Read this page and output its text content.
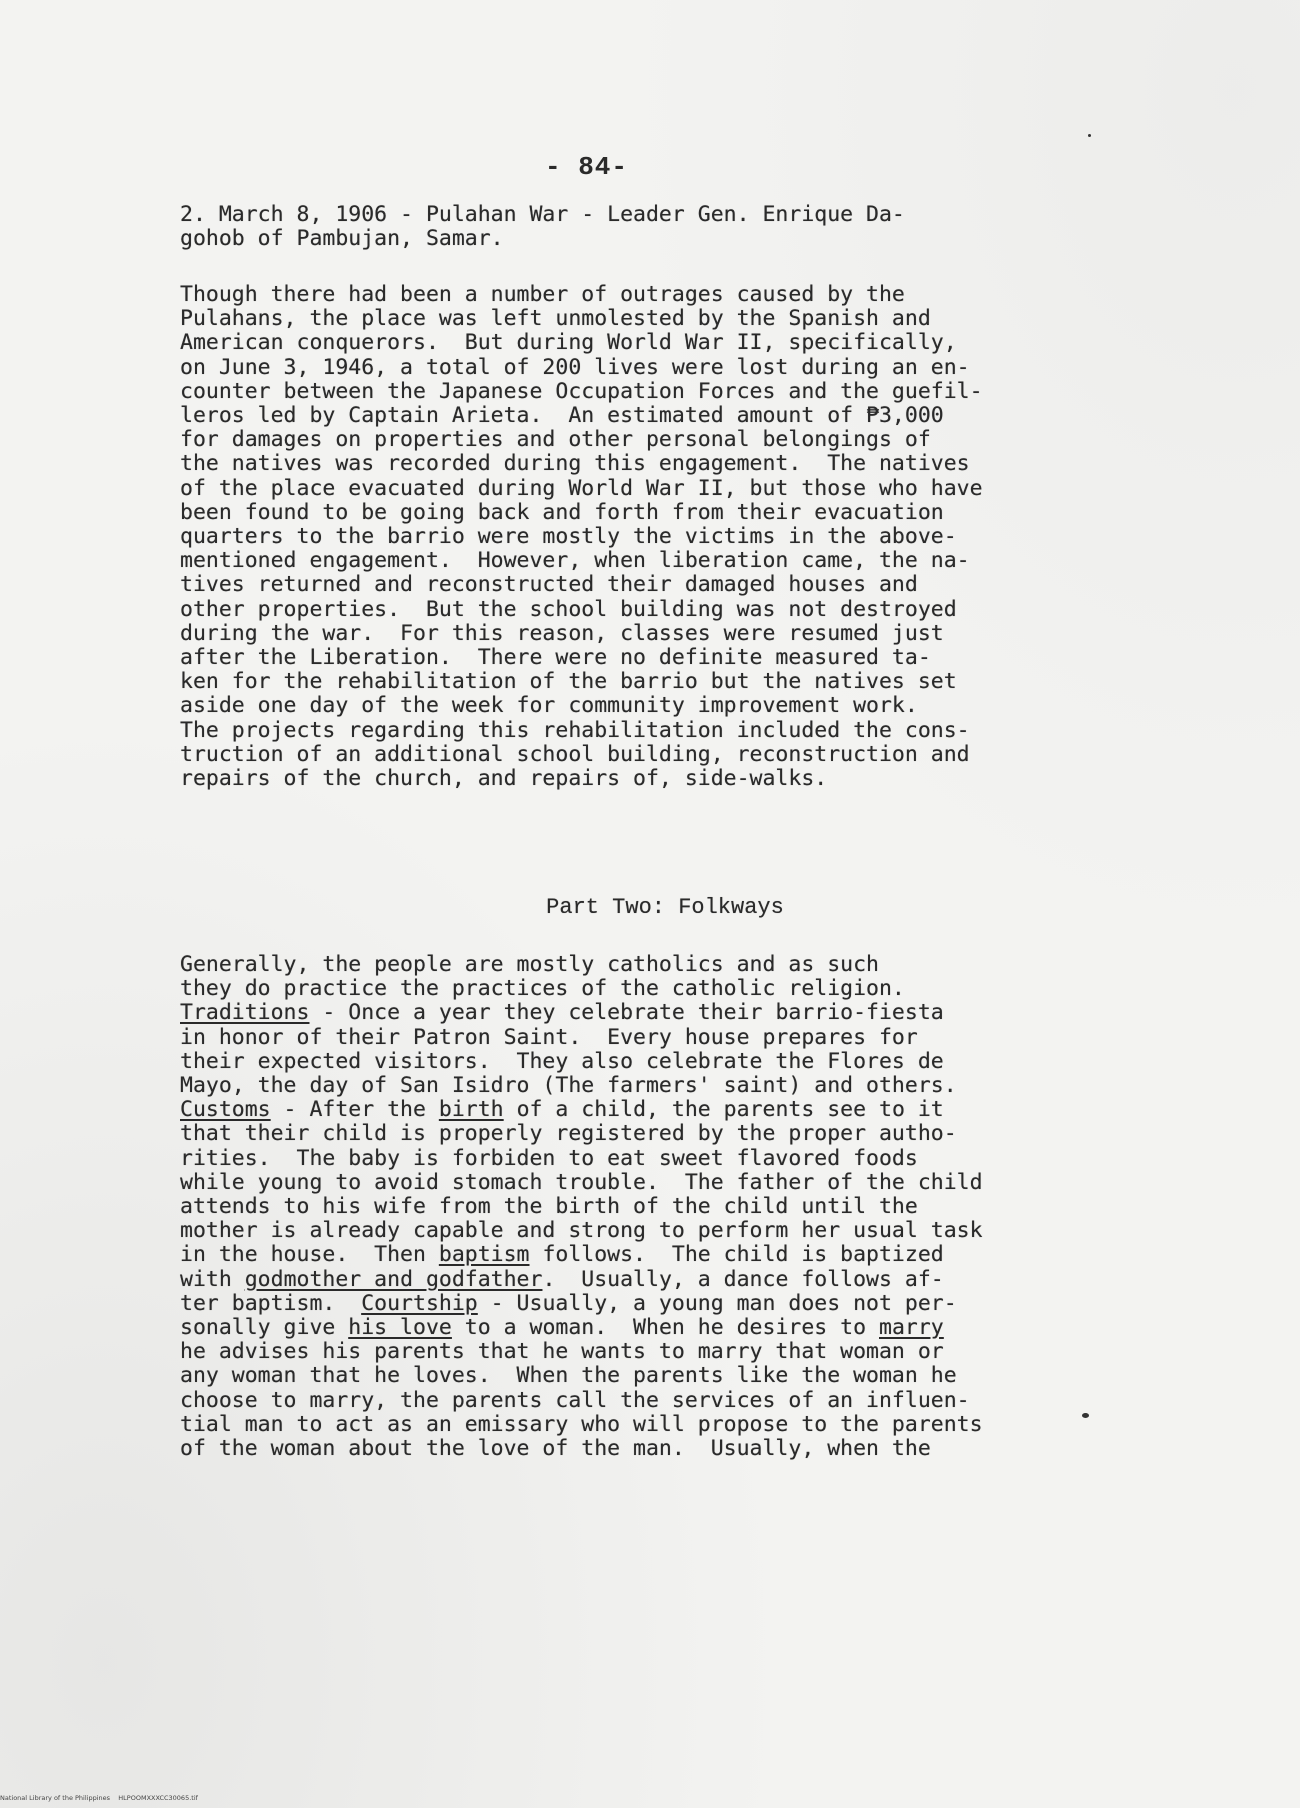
- 84-
2. March 8, 1906 - Pulahan War - Leader Gen. Enrique Da-
gohob of Pambujan, Samar.
Though there had been a number of outrages caused by the
Pulahans, the place was left unmolested by the Spanish and
American conquerors.  But during World War II, specifically,
on June 3, 1946, a total of 200 lives were lost during an en-
counter between the Japanese Occupation Forces and the guefil-
leros led by Captain Arieta.  An estimated amount of ₱3,000
for damages on properties and other personal belongings of
the natives was recorded during this engagement.  The natives
of the place evacuated during World War II, but those who have
been found to be going back and forth from their evacuation
quarters to the barrio were mostly the victims in the above-
mentioned engagement.  However, when liberation came, the na-
tives returned and reconstructed their damaged houses and
other properties.  But the school building was not destroyed
during the war.  For this reason, classes were resumed just
after the Liberation.  There were no definite measured ta-
ken for the rehabilitation of the barrio but the natives set
aside one day of the week for community improvement work.
The projects regarding this rehabilitation included the cons-
truction of an additional school building, reconstruction and
repairs of the church, and repairs of, side-walks.
Part Two: Folkways
Generally, the people are mostly catholics and as such
they do practice the practices of the catholic religion.
Traditions - Once a year they celebrate their barrio-fiesta
in honor of their Patron Saint.  Every house prepares for
their expected visitors.  They also celebrate the Flores de
Mayo, the day of San Isidro (The farmers' saint) and others.
Customs - After the birth of a child, the parents see to it
that their child is properly registered by the proper autho-
rities.  The baby is forbiden to eat sweet flavored foods
while young to avoid stomach trouble.  The father of the child
attends to his wife from the birth of the child until the
mother is already capable and strong to perform her usual task
in the house.  Then baptism follows.  The child is baptized
with godmother and godfather.  Usually, a dance follows af-
ter baptism.  Courtship - Usually, a young man does not per-
sonally give his love to a woman.  When he desires to marry
he advises his parents that he wants to marry that woman or
any woman that he loves.  When the parents like the woman he
choose to marry, the parents call the services of an influen-
tial man to act as an emissary who will propose to the parents
of the woman about the love of the man.  Usually, when the
National Library of the Philippines    HLPOOMXXXCC30065.tif
